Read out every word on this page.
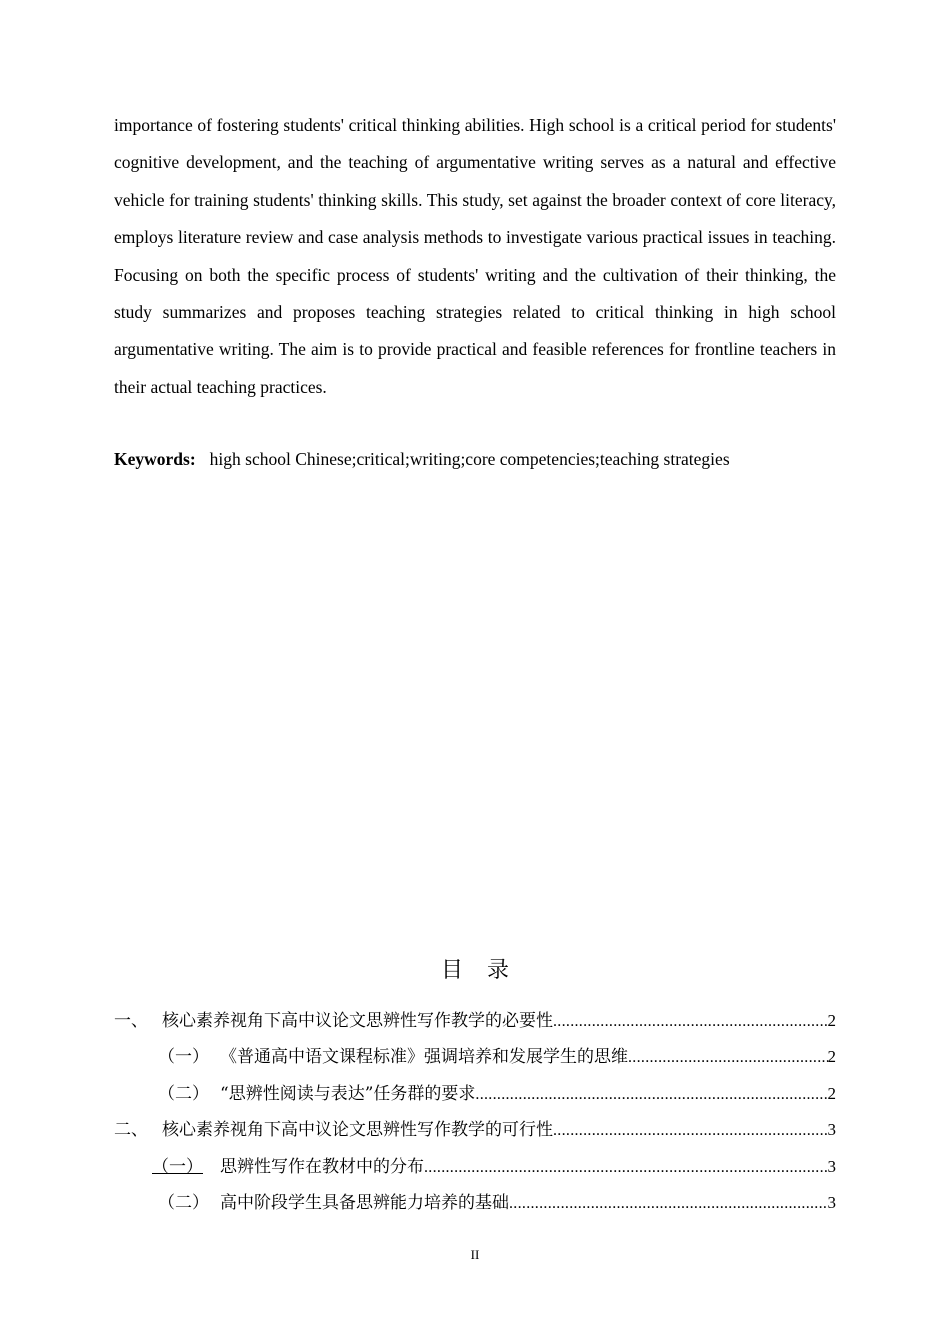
importance of fostering students' critical thinking abilities. High school is a critical period for students' cognitive development, and the teaching of argumentative writing serves as a natural and effective vehicle for training students' thinking skills. This study, set against the broader context of core literacy, employs literature review and case analysis methods to investigate various practical issues in teaching. Focusing on both the specific process of students' writing and the cultivation of their thinking, the study summarizes and proposes teaching strategies related to critical thinking in high school argumentative writing. The aim is to provide practical and feasible references for frontline teachers in their actual teaching practices.

Keywords: high school Chinese;critical;writing;core competencies;teaching strategies
目录
一、 核心素养视角下高中议论文思辨性写作教学的必要性 .....	2
（一） 《普通高中语文课程标准》强调培养和发展学生的思维 .....	2
（二） “思辨性阅读与表达”任务群的要求 .....	2
二、 核心素养视角下高中议论文思辨性写作教学的可行性 .....	3
（一）	思辨性写作在教材中的分布 .....	3
（二） 高中阶段学生具备思辨能力培养的基础 .....	3
II
